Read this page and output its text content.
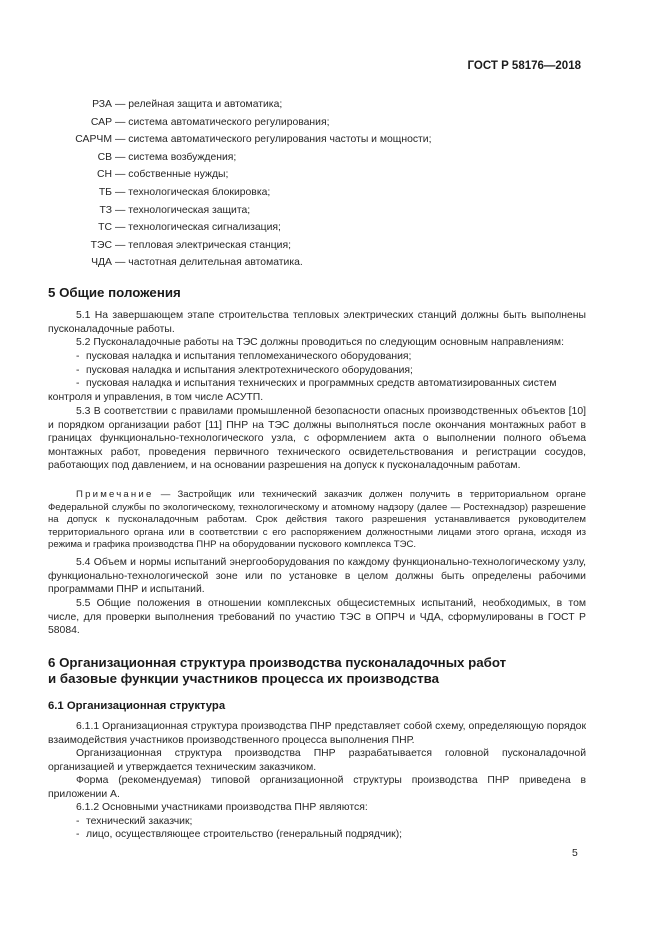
ГОСТ Р 58176—2018
РЗА — релейная защита и автоматика;
САР — система автоматического регулирования;
САРЧМ — система автоматического регулирования частоты и мощности;
СВ — система возбуждения;
СН — собственные нужды;
ТБ — технологическая блокировка;
ТЗ — технологическая защита;
ТС — технологическая сигнализация;
ТЭС — тепловая электрическая станция;
ЧДА — частотная делительная автоматика.
5 Общие положения
5.1 На завершающем этапе строительства тепловых электрических станций должны быть выполнены пусконаладочные работы.
5.2 Пусконаладочные работы на ТЭС должны проводиться по следующим основным направлениям:
- пусковая наладка и испытания тепломеханического оборудования;
- пусковая наладка и испытания электротехнического оборудования;
- пусковая наладка и испытания технических и программных средств автоматизированных систем
контроля и управления, в том числе АСУТП.
5.3 В соответствии с правилами промышленной безопасности опасных производственных объектов [10] и порядком организации работ [11] ПНР на ТЭС должны выполняться после окончания монтажных работ в границах функционально-технологического узла, с оформлением акта о выполнении полного объема монтажных работ, проведения первичного технического освидетельствования и регистрации сосудов, работающих под давлением, и на основании разрешения на допуск к пусконаладочным работам.
Примечание — Застройщик или технический заказчик должен получить в территориальном органе Федеральной службы по экологическому, технологическому и атомному надзору (далее — Ростехнадзор) разрешение на допуск к пусконаладочным работам. Срок действия такого разрешения устанавливается руководителем территориального органа или в соответствии с его распоряжением должностными лицами этого органа, исходя из режима и графика производства ПНР на оборудовании пускового комплекса ТЭС.
5.4 Объем и нормы испытаний энергооборудования по каждому функционально-технологическому узлу, функционально-технологической зоне или по установке в целом должны быть определены рабочими программами ПНР и испытаний.
5.5 Общие положения в отношении комплексных общесистемных испытаний, необходимых, в том числе, для проверки выполнения требований по участию ТЭС в ОПРЧ и ЧДА, сформулированы в ГОСТ Р 58084.
6 Организационная структура производства пусконаладочных работ
и базовые функции участников процесса их производства
6.1 Организационная структура
6.1.1 Организационная структура производства ПНР представляет собой схему, определяющую порядок взаимодействия участников производственного процесса выполнения ПНР.
Организационная структура производства ПНР разрабатывается головной пусконаладочной организацией и утверждается техническим заказчиком.
Форма (рекомендуемая) типовой организационной структуры производства ПНР приведена в приложении А.
6.1.2 Основными участниками производства ПНР являются:
- технический заказчик;
- лицо, осуществляющее строительство (генеральный подрядчик);
5
